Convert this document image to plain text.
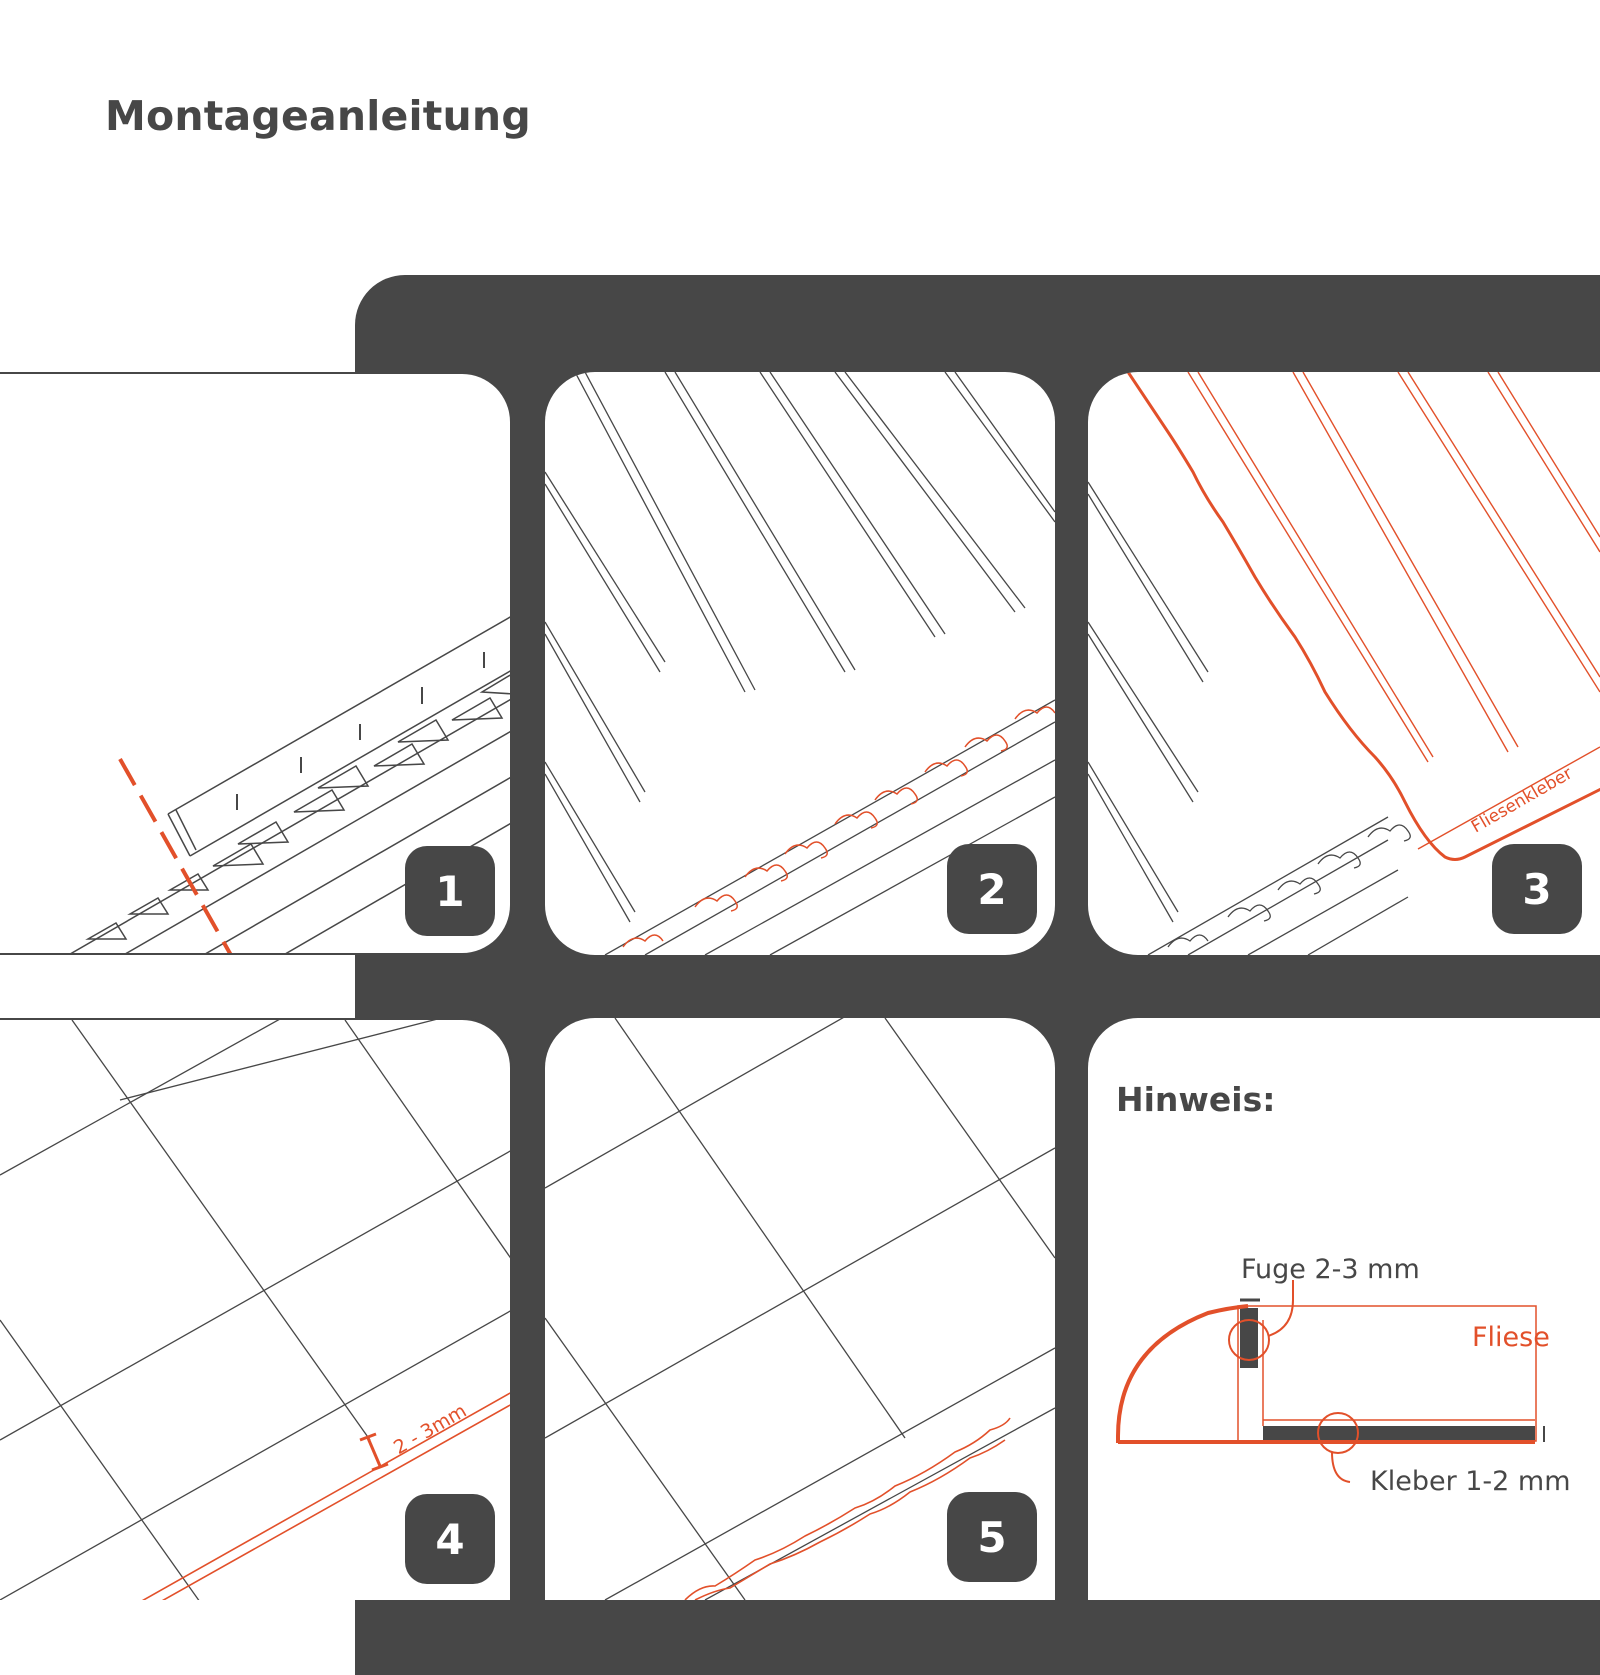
Montageanleitung
1	2
Fliesenkleber
3
2 - 3mm
4	5
Hinweis:
Fuge 2-3 mm
Fliese
Kleber 1-2 mm
